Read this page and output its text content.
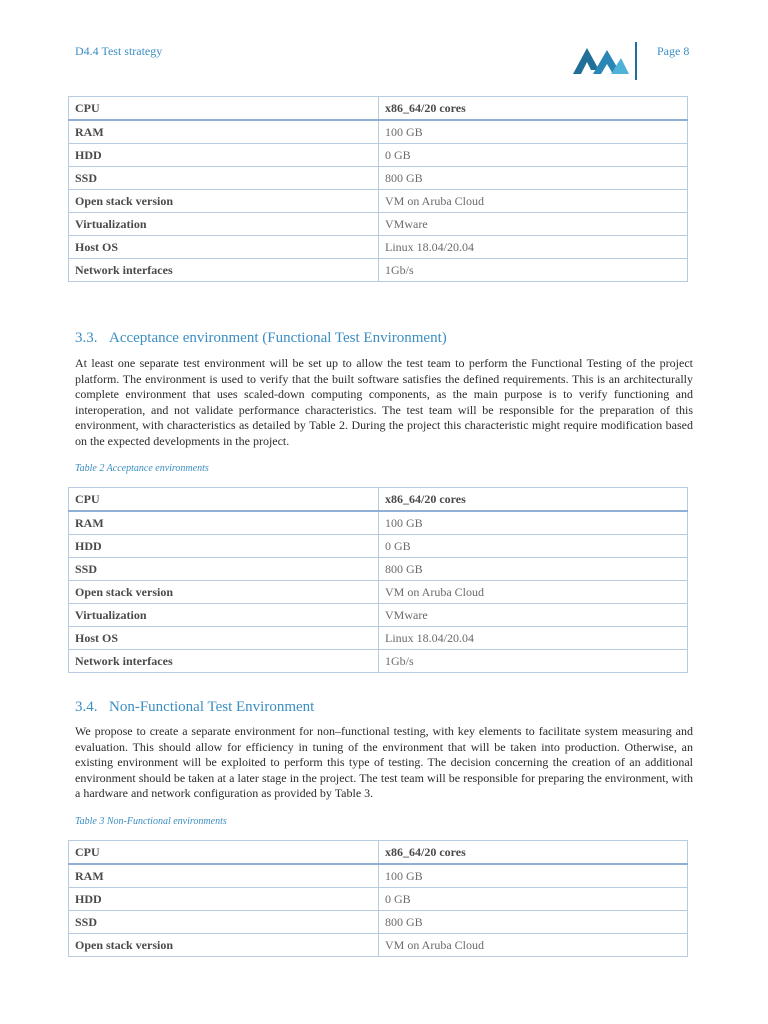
D4.4 Test strategy	Page 8
CPU	x86_64/20 cores
RAM	100 GB
HDD	0 GB
SSD	800 GB
Open stack version	VM on Aruba Cloud
Virtualization	VMware
Host OS	Linux 18.04/20.04
Network interfaces	1Gb/s
3.3. Acceptance environment (Functional Test Environment)
At least one separate test environment will be set up to allow the test team to perform the Functional Testing of the project platform. The environment is used to verify that the built software satisfies the defined requirements. This is an architecturally complete environment that uses scaled-down computing components, as the main purpose is to verify functioning and interoperation, and not validate performance characteristics. The test team will be responsible for the preparation of this environment, with characteristics as detailed by Table 2. During the project this characteristic might require modification based on the expected developments in the project.
Table 2 Acceptance environments
CPU	x86_64/20 cores
RAM	100 GB
HDD	0 GB
SSD	800 GB
Open stack version	VM on Aruba Cloud
Virtualization	VMware
Host OS	Linux 18.04/20.04
Network interfaces	1Gb/s
3.4. Non-Functional Test Environment
We propose to create a separate environment for non–functional testing, with key elements to facilitate system measuring and evaluation. This should allow for efficiency in tuning of the environment that will be taken into production. Otherwise, an existing environment will be exploited to perform this type of testing. The decision concerning the creation of an additional environment should be taken at a later stage in the project. The test team will be responsible for preparing the environment, with a hardware and network configuration as provided by Table 3.
Table 3 Non-Functional environments
CPU	x86_64/20 cores
RAM	100 GB
HDD	0 GB
SSD	800 GB
Open stack version	VM on Aruba Cloud
